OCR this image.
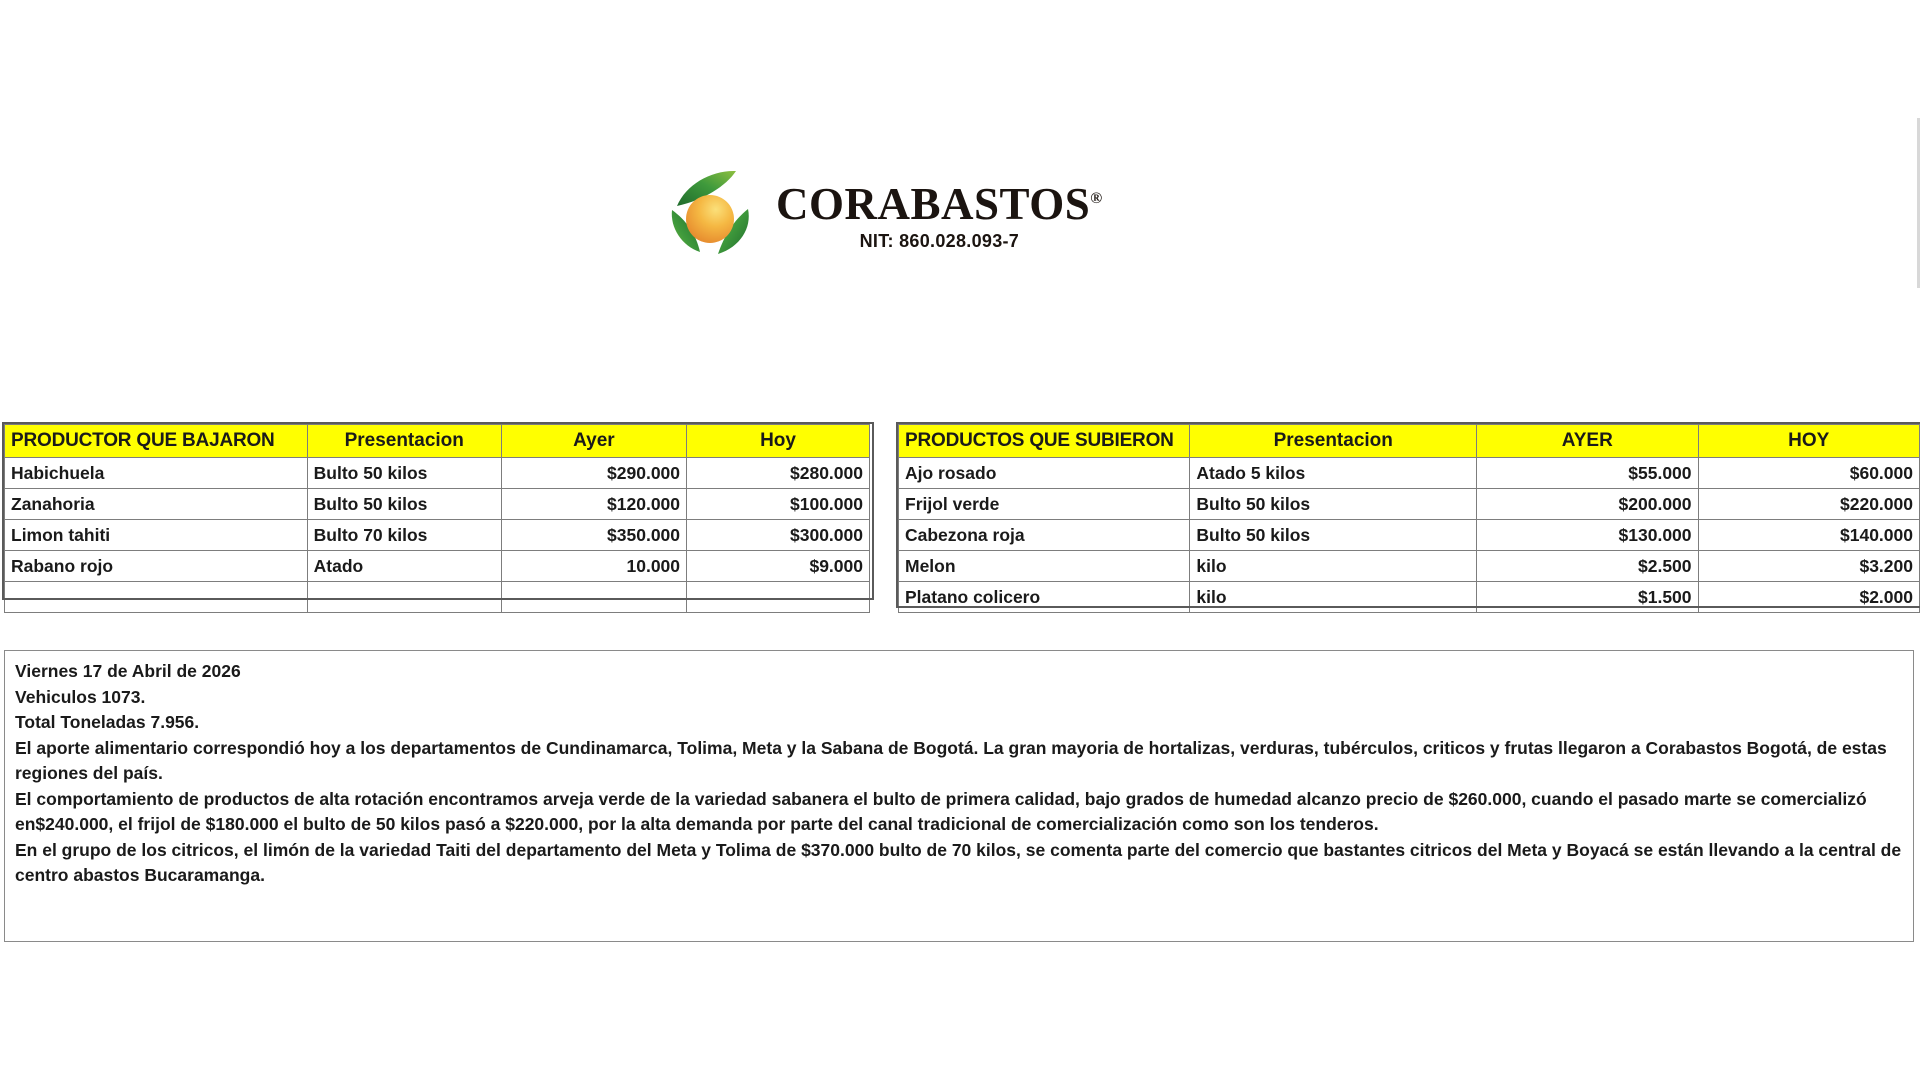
CORABASTOS®
NIT: 860.028.093-7
PRODUCTOR QUE BAJARON	Presentacion	Ayer	Hoy
Habichuela	Bulto 50 kilos	$290.000	$280.000
Zanahoria	Bulto 50 kilos	$120.000	$100.000
Limon tahiti	Bulto 70 kilos	$350.000	$300.000
Rabano rojo	Atado	10.000	$9.000

PRODUCTOS QUE SUBIERON	Presentacion	AYER	HOY
Ajo rosado	Atado 5 kilos	$55.000	$60.000
Frijol verde	Bulto 50 kilos	$200.000	$220.000
Cabezona roja	Bulto 50 kilos	$130.000	$140.000
Melon	kilo	$2.500	$3.200
Platano colicero	kilo	$1.500	$2.000

Viernes 17 de Abril de 2026

Vehiculos 1073.

Total Toneladas 7.956.

El aporte alimentario correspondió hoy a los departamentos de Cundinamarca, Tolima, Meta y la Sabana de Bogotá. La gran mayoria de hortalizas, verduras, tubérculos, criticos y frutas llegaron a Corabastos Bogotá, de estas regiones del país.

El comportamiento de productos de alta rotación encontramos arveja verde de la variedad sabanera el bulto de primera calidad, bajo grados de humedad alcanzo precio de $260.000, cuando el pasado marte se comercializó en$240.000, el frijol de $180.000 el bulto de 50 kilos pasó a $220.000, por la alta demanda por parte del canal tradicional de comercialización como son los tenderos.

En el grupo de los citricos, el limón de la variedad Taiti del departamento del Meta y Tolima de $370.000 bulto de 70 kilos, se comenta parte del comercio que bastantes citricos del Meta y Boyacá se están llevando a la central de centro abastos Bucaramanga.
